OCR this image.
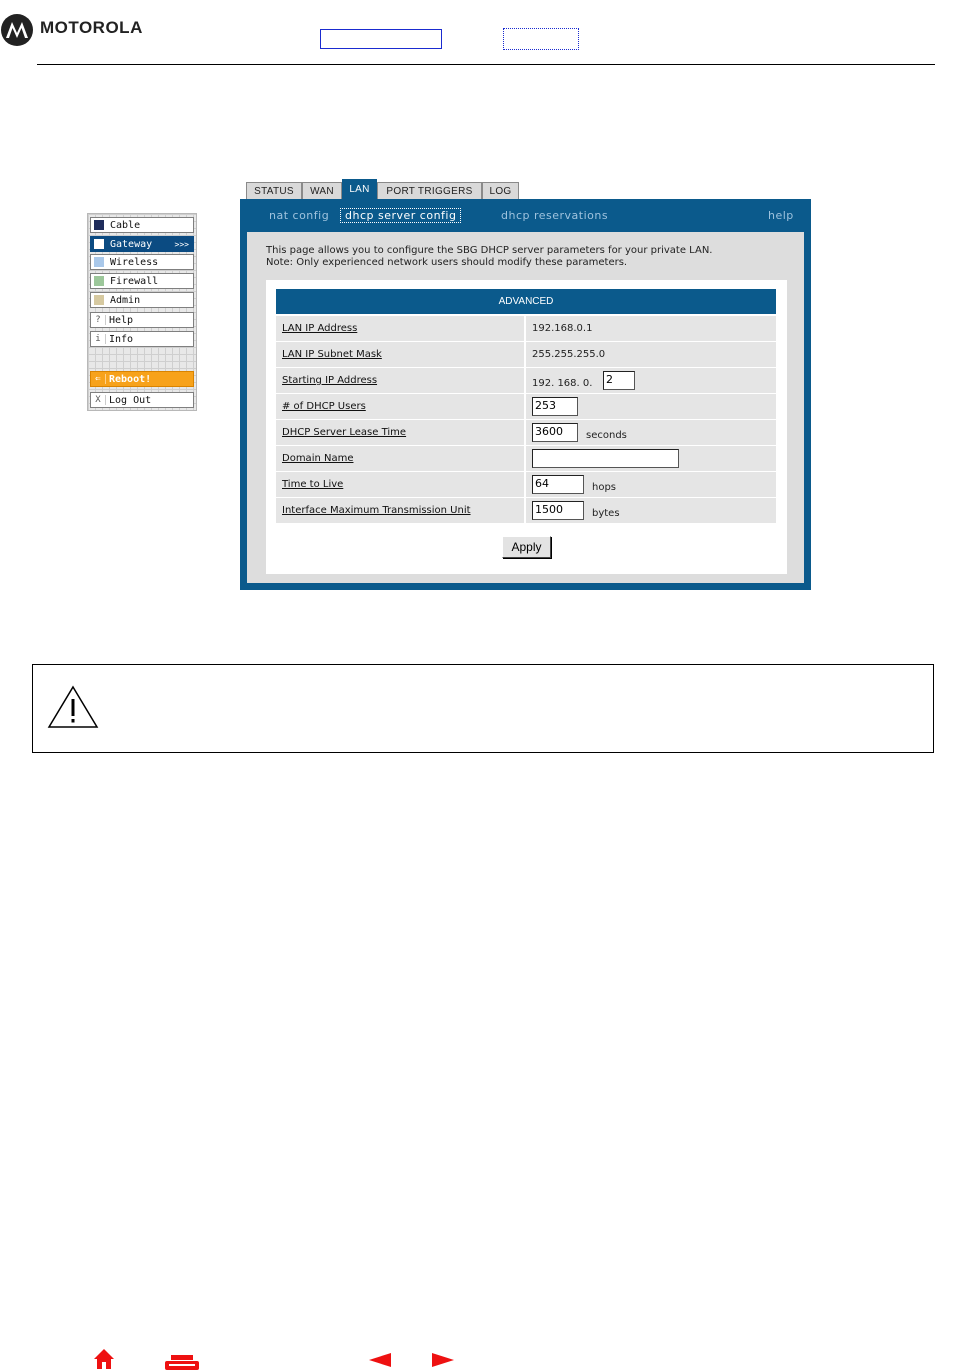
MOTOROLA
Cable
Gateway	>>>
Wireless
Firewall
Admin
? Help
i Info
⇐ Reboot!
X Log Out
STATUS	WAN	LAN	PORT TRIGGERS	LOG
nat config	dhcp server config	dhcp reservations	help
This page allows you to configure the SBG DHCP server parameters for your private LAN.
Note: Only experienced network users should modify these parameters.
ADVANCED
LAN IP Address	192.168.0.1
LAN IP Subnet Mask	255.255.255.0
Starting IP Address	192. 168. 0. 2
# of DHCP Users	253
DHCP Server Lease Time	3600	seconds
Domain Name
Time to Live	64	hops
Interface Maximum Transmission Unit	1500	bytes
Apply
